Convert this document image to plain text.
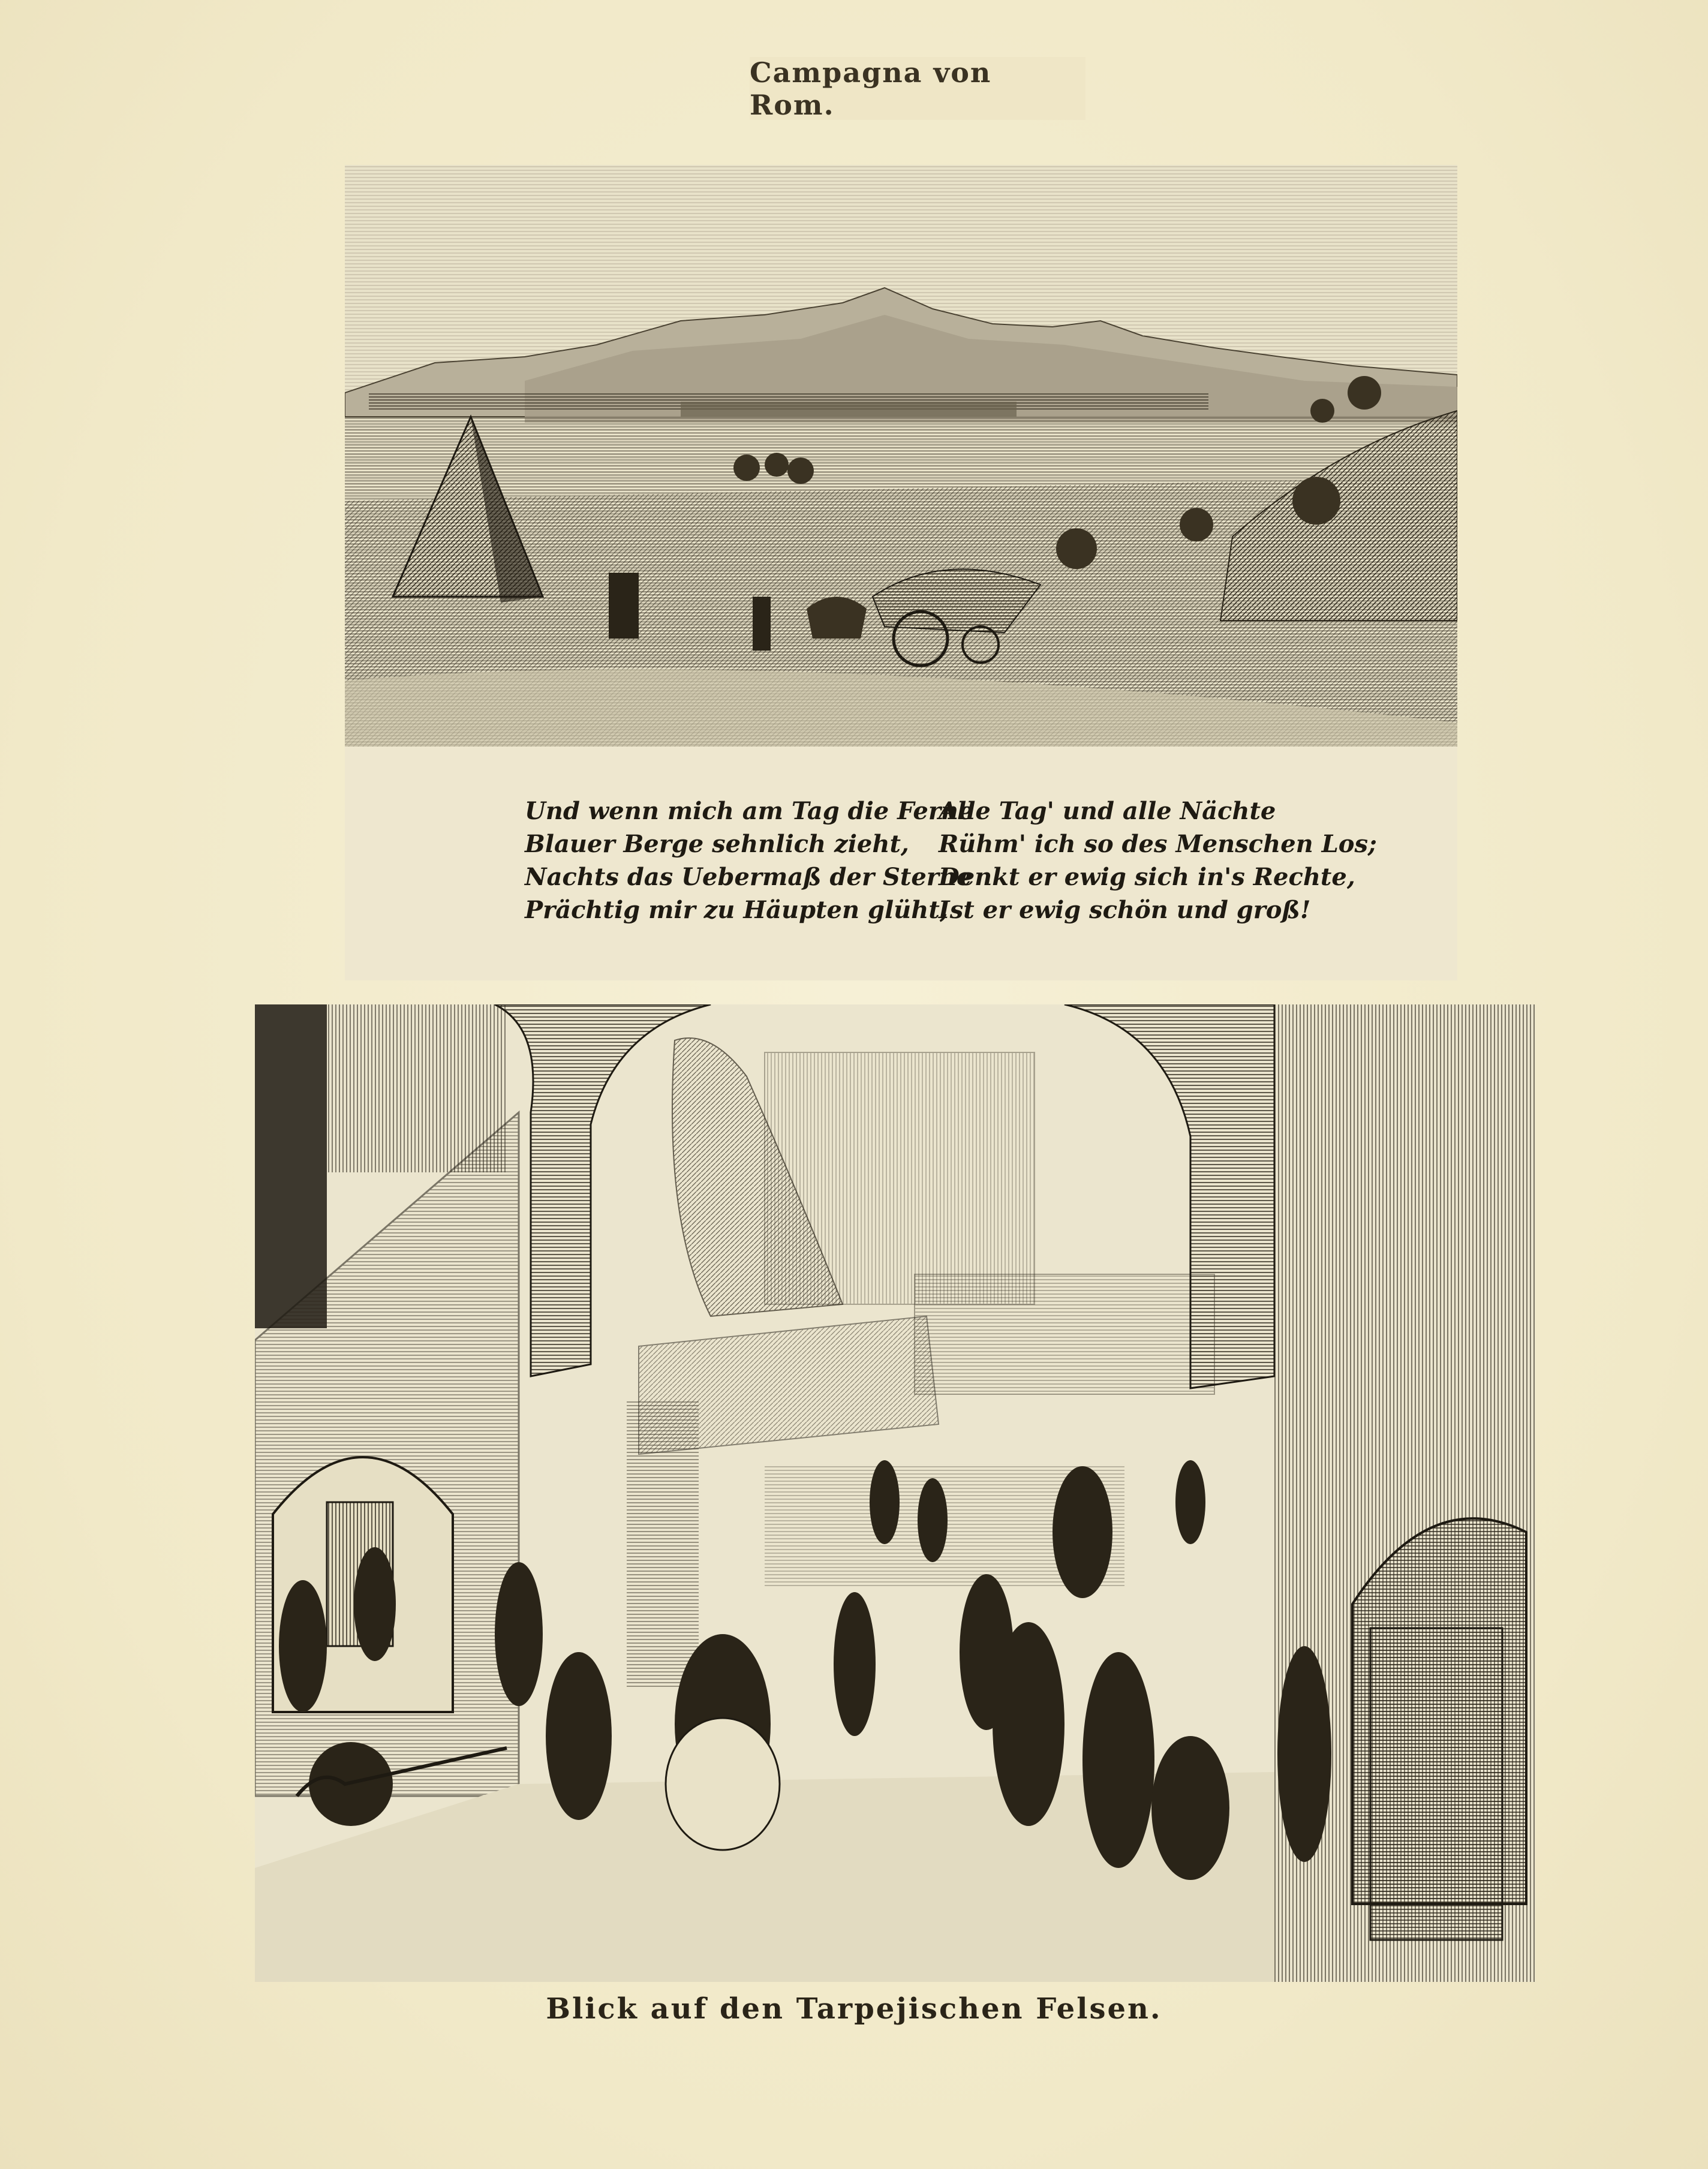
Campagna von Rom.
Und wenn mich am Tag die Ferne
Blauer Berge sehnlich zieht,
Nachts das Uebermaß der Sterne
Prächtig mir zu Häupten glüht,
Alle Tag' und alle Nächte
Rühm' ich so des Menschen Los;
Denkt er ewig sich in's Rechte,
Ist er ewig schön und groß!
Blick auf den Tarpejischen Felsen.
